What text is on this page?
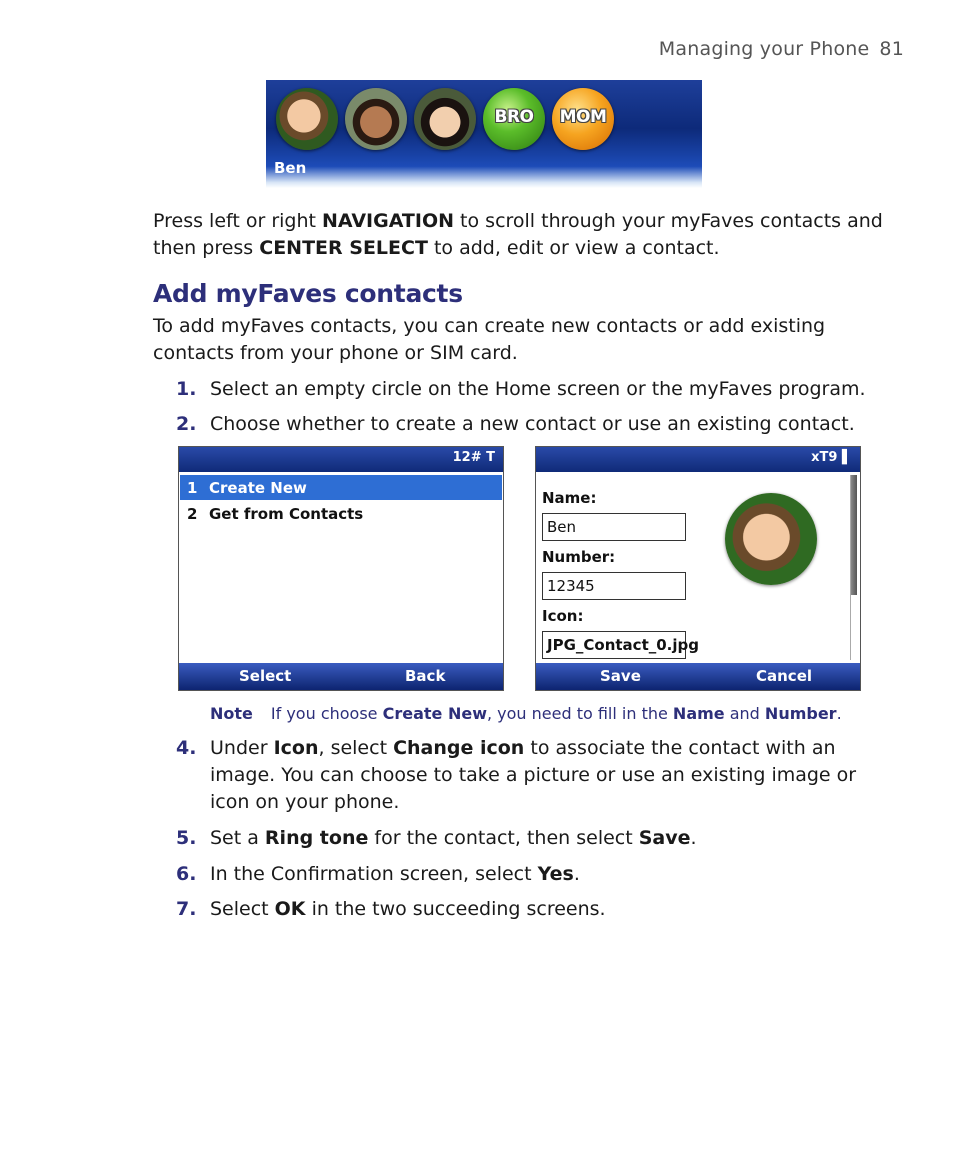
Managing your Phone 81
BRO	MOM
Ben
Press left or right NAVIGATION to scroll through your myFaves contacts and then press CENTER SELECT to add, edit or view a contact.
Add myFaves contacts
To add myFaves contacts, you can create new contacts or add existing contacts from your phone or SIM card.
1. Select an empty circle on the Home screen or the myFaves program.
2. Choose whether to create a new contact or use an existing contact.
12# 𝗧
1 Create New
2 Get from Contacts
Select	Back
xT9 ▌
Name:
Ben
Number:
12345
Icon:
JPG_Contact_0.jpg
Save	Cancel
Note If you choose Create New, you need to fill in the Name and Number.
4. Under Icon, select Change icon to associate the contact with an image. You can choose to take a picture or use an existing image or icon on your phone.
5. Set a Ring tone for the contact, then select Save.
6. In the Confirmation screen, select Yes.
7. Select OK in the two succeeding screens.
